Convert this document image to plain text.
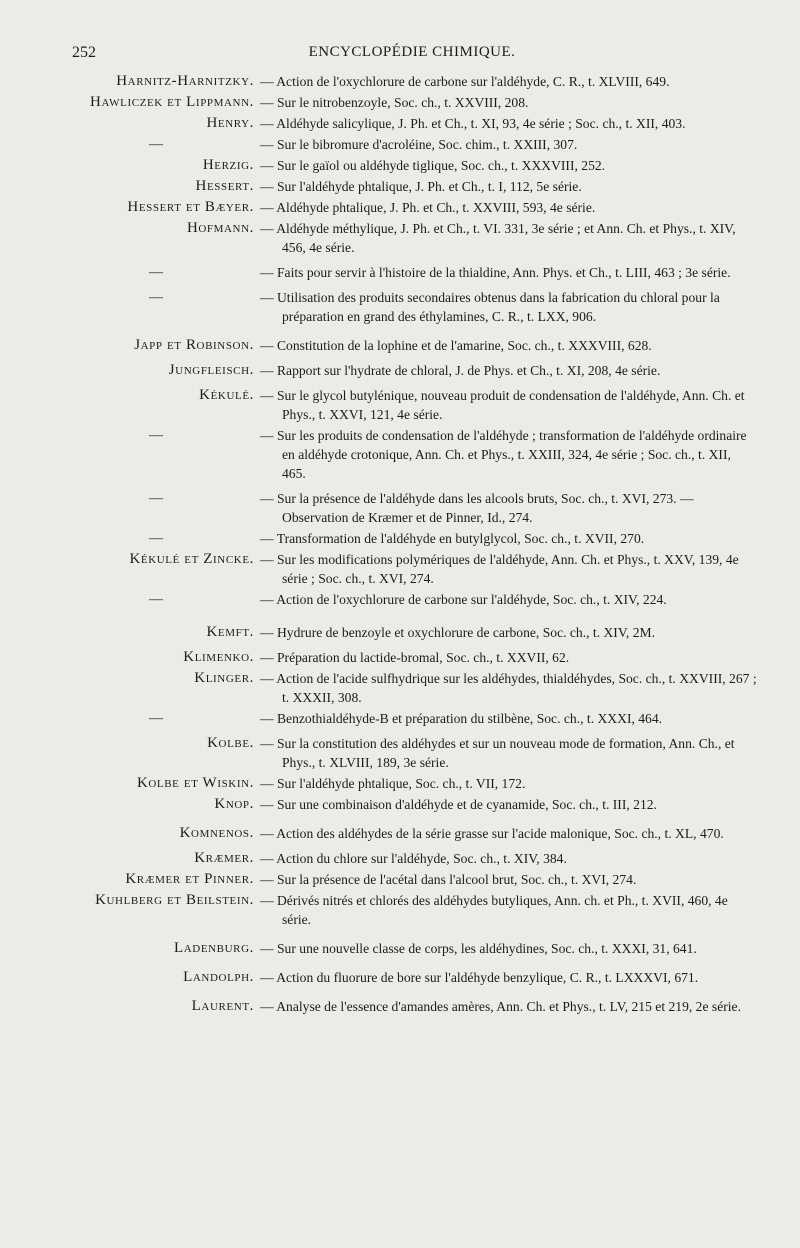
252	ENCYCLOPÉDIE CHIMIQUE.
Harnitz-Harnitzky. — Action de l'oxychlorure de carbone sur l'aldéhyde, C. R., t. XLVIII, 649.
Hawliczek et Lippmann. — Sur le nitrobenzoyle, Soc. ch., t. XXVIII, 208.
Henry. — Aldéhyde salicylique, J. Ph. et Ch., t. XI, 93, 4e série ; Soc. ch., t. XII, 403.
—	— Sur le bibromure d'acroléine, Soc. chim., t. XXIII, 307.
Herzig. — Sur le gaïol ou aldéhyde tiglique, Soc. ch., t. XXXVIII, 252.
Hessert. — Sur l'aldéhyde phtalique, J. Ph. et Ch., t. I, 112, 5e série.
Hessert et Bæyer. — Aldéhyde phtalique, J. Ph. et Ch., t. XXVIII, 593, 4e série.
Hofmann. — Aldéhyde méthylique, J. Ph. et Ch., t. VI. 331, 3e série ; et Ann. Ch. et Phys., t. XIV, 456, 4e série.
—	— Faits pour servir à l'histoire de la thialdine, Ann. Phys. et Ch., t. LIII, 463 ; 3e série.
—	— Utilisation des produits secondaires obtenus dans la fabrication du chloral pour la préparation en grand des éthylamines, C. R., t. LXX, 906.
Japp et Robinson. — Constitution de la lophine et de l'amarine, Soc. ch., t. XXXVIII, 628.
Jungfleisch. — Rapport sur l'hydrate de chloral, J. de Phys. et Ch., t. XI, 208, 4e série.
Kékulé. — Sur le glycol butylénique, nouveau produit de condensation de l'aldéhyde, Ann. Ch. et Phys., t. XXVI, 121, 4e série.
—	— Sur les produits de condensation de l'aldéhyde ; transformation de l'aldéhyde ordinaire en aldéhyde crotonique, Ann. Ch. et Phys., t. XXIII, 324, 4e série ; Soc. ch., t. XII, 465.
—	— Sur la présence de l'aldéhyde dans les alcools bruts, Soc. ch., t. XVI, 273. — Observation de Kræmer et de Pinner, Id., 274.
—	— Transformation de l'aldéhyde en butylglycol, Soc. ch., t. XVII, 270.
Kékulé et Zincke. — Sur les modifications polymériques de l'aldéhyde, Ann. Ch. et Phys., t. XXV, 139, 4e série ; Soc. ch., t. XVI, 274.
—	— Action de l'oxychlorure de carbone sur l'aldéhyde, Soc. ch., t. XIV, 224.
Kemft. — Hydrure de benzoyle et oxychlorure de carbone, Soc. ch., t. XIV, 2M.
Klimenko. — Préparation du lactide-bromal, Soc. ch., t. XXVII, 62.
Klinger. — Action de l'acide sulfhydrique sur les aldéhydes, thialdéhydes, Soc. ch., t. XXVIII, 267 ; t. XXXII, 308.
—	— Benzothialdéhyde-B et préparation du stilbène, Soc. ch., t. XXXI, 464.
Kolbe. — Sur la constitution des aldéhydes et sur un nouveau mode de formation, Ann. Ch., et Phys., t. XLVIII, 189, 3e série.
Kolbe et Wiskin. — Sur l'aldéhyde phtalique, Soc. ch., t. VII, 172.
Knop. — Sur une combinaison d'aldéhyde et de cyanamide, Soc. ch., t. III, 212.
Komnenos. — Action des aldéhydes de la série grasse sur l'acide malonique, Soc. ch., t. XL, 470.
Kræmer. — Action du chlore sur l'aldéhyde, Soc. ch., t. XIV, 384.
Kræmer et Pinner. — Sur la présence de l'acétal dans l'alcool brut, Soc. ch., t. XVI, 274.
Kuhlberg et Beilstein. — Dérivés nitrés et chlorés des aldéhydes butyliques, Ann. ch. et Ph., t. XVII, 460, 4e série.
Ladenburg. — Sur une nouvelle classe de corps, les aldéhydines, Soc. ch., t. XXXI, 31, 641.
Landolph. — Action du fluorure de bore sur l'aldéhyde benzylique, C. R., t. LXXXVI, 671.
Laurent. — Analyse de l'essence d'amandes amères, Ann. Ch. et Phys., t. LV, 215 et 219, 2e série.
